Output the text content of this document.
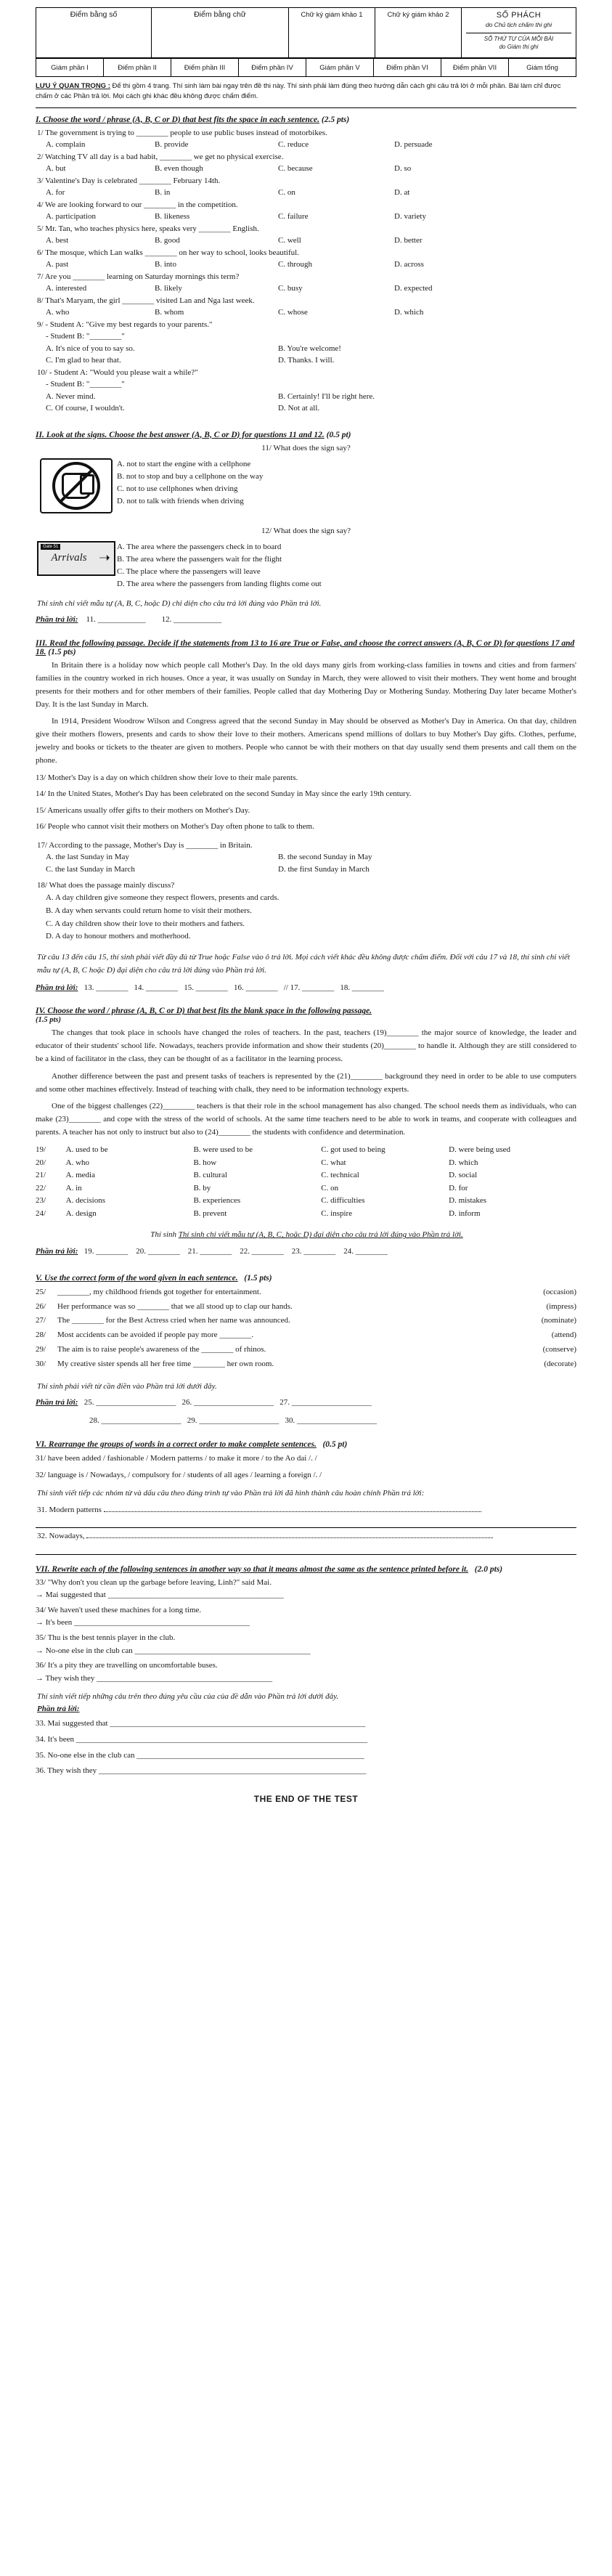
Điểm bằng số	Điểm bằng chữ	Chữ ký giám khảo 1	Chữ ký giám khảo 2	SỐ PHÁCH
do Chủ tịch chấm thi ghi
SỐ THỨ TỰ CỦA MỖI BÀI
do Giám thị ghi
Giám phần I	Điểm phần II	Điểm phần III	Điểm phần IV	Giám phần V	Điểm phần VI	Điểm phần VII	Giám tổng

LƯU Ý QUAN TRỌNG : Để thi gồm 4 trang. Thí sinh làm bài ngay trên đề thi này. Thí sinh phải làm đúng theo hướng dẫn cách ghi câu trả lời ở mỗi phần. Bài làm chỉ được chấm ở các Phần trả lời. Mọi cách ghi khác đều không được chấm điểm.

I. Choose the word / phrase (A, B, C or D) that best fits the space in each sentence. (2.5 pts)

1/ The government is trying to ________ people to use public buses instead of motorbikes.

A. complain	B. provide	C. reduce	D. persuade

2/ Watching TV all day is a bad habit, ________ we get no physical exercise.

A. but	B. even though	C. because	D. so

3/ Valentine's Day is celebrated ________ February 14th.

A. for	B. in	C. on	D. at

4/ We are looking forward to our ________ in the competition.

A. participation	B. likeness	C. failure	D. variety

5/ Mr. Tan, who teaches physics here, speaks very ________ English.

A. best	B. good	C. well	D. better

6/ The mosque, which Lan walks ________ on her way to school, looks beautiful.

A. past	B. into	C. through	D. across

7/ Are you ________ learning on Saturday mornings this term?

A. interested	B. likely	C. busy	D. expected

8/ That's Maryam, the girl ________ visited Lan and Nga last week.

A. who	B. whom	C. whose	D. which

9/ - Student A: "Give my best regards to your parents."

- Student B: "________"

A. It's nice of you to say so.	B. You're welcome!
C. I'm glad to hear that.	D. Thanks. I will.

10/ - Student A: "Would you please wait a while?"

- Student B: "________"

A. Never mind.	B. Certainly! I'll be right here.
C. Of course, I wouldn't.	D. Not at all.
II. Look at the signs. Choose the best answer (A, B, C or D) for questions 11 and 12. (0.5 pt)

11/ What does the sign say?

A. not to start the engine with a cellphone
B. not to stop and buy a cellphone on the way
C. not to use cellphones when driving
D. not to talk with friends when driving

12/ What does the sign say?

Gate 51
Arrivals ➝
A. The area where the passengers check in to board
B. The area where the passengers wait for the flight
C. The place where the passengers will leave
D. The area where the passengers from landing flights come out

Thí sinh chỉ viết mẫu tự (A, B, C, hoặc D) chỉ diện cho câu trả lời đúng vào Phần trả lời.

Phần trả lời: 11. ____________ 12. ____________

III. Read the following passage. Decide if the statements from 13 to 16 are True or False, and choose the correct answers (A, B, C or D) for questions 17 and 18. (1.5 pts)

In Britain there is a holiday now which people call Mother's Day. In the old days many girls from working-class families in towns and cities and from farmers' families in the country worked in rich houses. Once a year, it was usually on Sunday in March, they were allowed to visit their mothers. They went home and brought presents for their mothers and for other members of their families. People called that day Mothering Day or Mothering Sunday. Mothering Day later became Mother's Day. It is the last Sunday in March.

In 1914, President Woodrow Wilson and Congress agreed that the second Sunday in May should be observed as Mother's Day in America. On that day, children give their mothers flowers, presents and cards to show their love to their mothers. Americans spend millions of dollars to buy Mother's Day gifts. Clothes, perfume, jewelry and books or tickets to the theater are given to mothers. People who cannot be with their mothers on that day usually send them presents and call them on the phone.

13/ Mother's Day is a day on which children show their love to their male parents.

14/ In the United States, Mother's Day has been celebrated on the second Sunday in May since the early 19th century.

15/ Americans usually offer gifts to their mothers on Mother's Day.

16/ People who cannot visit their mothers on Mother's Day often phone to talk to them.

17/ According to the passage, Mother's Day is ________ in Britain.

A. the last Sunday in May	B. the second Sunday in May
C. the last Sunday in March	D. the first Sunday in March

18/ What does the passage mainly discuss?

A. A day children give someone they respect flowers, presents and cards.

B. A day when servants could return home to visit their mothers.

C. A day children show their love to their mothers and fathers.

D. A day to honour mothers and motherhood.

Từ câu 13 đến câu 15, thí sinh phải viết đầy đủ từ True hoặc False vào ô trả lời. Mọi cách viết khác đều không được chấm điểm. Đối với câu 17 và 18, thí sinh chỉ viết mẫu tự (A, B, C hoặc D) đại diện cho câu trả lời đúng vào Phần trả lời.

Phần trả lời: 13. ________ 14. ________ 15. ________ 16. ________ // 17. ________ 18. ________

IV. Choose the word / phrase (A, B, C or D) that best fits the blank space in the following passage.
(1.5 pts)

The changes that took place in schools have changed the roles of teachers. In the past, teachers (19)________ the major source of knowledge, the leader and educator of their students' school life. Nowadays, teachers provide information and show their students (20)________ to handle it. Although they are still considered to be a kind of facilitator in the class, they can be thought of as a facilitator in the learning process.

Another difference between the past and present tasks of teachers is represented by the (21)________ background they need in order to be able to use computers and some other machines effectively. Instead of teaching with chalk, they need to be information technology experts.

One of the biggest challenges (22)________ teachers is that their role in the school management has also changed. The school needs them as individuals, who can make (23)________ and cope with the stress of the world of schools. At the same time teachers need to be able to work in teams, and cooperate with colleagues and parents. A teacher has not only to instruct but also to (24)________ the students with confidence and determination.

19/	A. used to be	B. were used to be	C. got used to being	D. were being used
20/	A. who	B. how	C. what	D. which
21/	A. media	B. cultural	C. technical	D. social
22/	A. in	B. by	C. on	D. for
23/	A. decisions	B. experiences	C. difficulties	D. mistakes
24/	A. design	B. prevent	C. inspire	D. inform

Thí sinh Thí sinh chỉ viết mẫu tự (A, B, C, hoặc D) đại diện cho câu trả lời đúng vào Phần trả lời.

Phần trả lời: 19. ________ 20. ________ 21. ________ 22. ________ 23. ________ 24. ________

V. Use the correct form of the word given in each sentence. (1.5 pts)
25/	________, my childhood friends got together for entertainment.	(occasion)
26/	Her performance was so ________ that we all stood up to clap our hands.	(impress)
27/	The ________ for the Best Actress cried when her name was announced.	(nominate)
28/	Most accidents can be avoided if people pay more ________.	(attend)
29/	The aim is to raise people's awareness of the ________ of rhinos.	(conserve)
30/	My creative sister spends all her free time ________ her own room.	(decorate)

Thí sinh phải viết từ cần điền vào Phần trả lời dưới đây.

Phần trả lời: 25. ____________________ 26. ____________________ 27. ____________________

28. ____________________ 29. ____________________ 30. ____________________

VI. Rearrange the groups of words in a correct order to make complete sentences. (0.5 pt)

31/ have been added / fashionable / Modern patterns / to make it more / to the Ao dai /. /

32/ language is / Nowadays, / compulsory for / students of all ages / learning a foreign /. /

Thí sinh viết tiếp các nhóm từ và dấu câu theo đúng trình tự vào Phần trả lời đã hình thành câu hoàn chỉnh Phần trả lời:

31. Modern patterns

32. Nowadays,

VII. Rewrite each of the following sentences in another way so that it means almost the same as the sentence printed before it. (2.0 pts)

33/ "Why don't you clean up the garbage before leaving, Linh?" said Mai.

→ Mai suggested that ____________________________________________

34/ We haven't used these machines for a long time.

→ It's been ____________________________________________

35/ Thu is the best tennis player in the club.

→ No-one else in the club can ____________________________________________

36/ It's a pity they are travelling on uncomfortable buses.

→ They wish they ____________________________________________

Thí sinh viết tiếp những câu trên theo đúng yêu cầu của của đề dẫn vào Phần trả lời dưới đây.

Phần trả lời:

33. Mai suggested that ________________________________________________________________

34. It's been _________________________________________________________________________

35. No-one else in the club can _________________________________________________________

36. They wish they ___________________________________________________________________

THE END OF THE TEST
